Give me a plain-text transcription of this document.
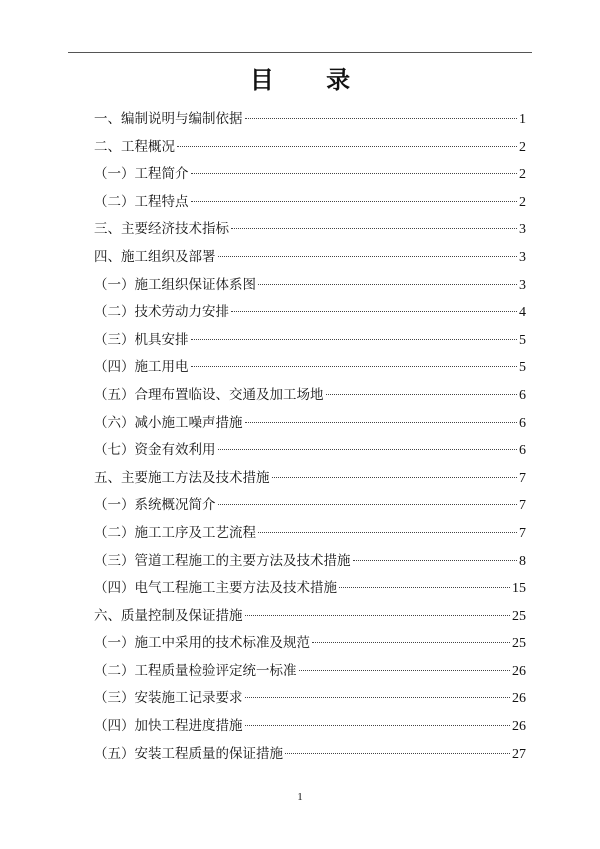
目 录
一、编制说明与编制依据	1
二、工程概况	2
（一）工程简介	2
（二）工程特点	2
三、主要经济技术指标	3
四、施工组织及部署	3
（一）施工组织保证体系图	3
（二）技术劳动力安排	4
（三）机具安排	5
（四）施工用电	5
（五）合理布置临设、交通及加工场地	6
（六）减小施工噪声措施	6
（七）资金有效利用	6
五、主要施工方法及技术措施	7
（一）系统概况简介	7
（二）施工工序及工艺流程	7
（三）管道工程施工的主要方法及技术措施	8
（四）电气工程施工主要方法及技术措施	15
六、质量控制及保证措施	25
（一）施工中采用的技术标准及规范	25
（二）工程质量检验评定统一标准	26
（三）安装施工记录要求	26
（四）加快工程进度措施	26
（五）安装工程质量的保证措施	27
1
